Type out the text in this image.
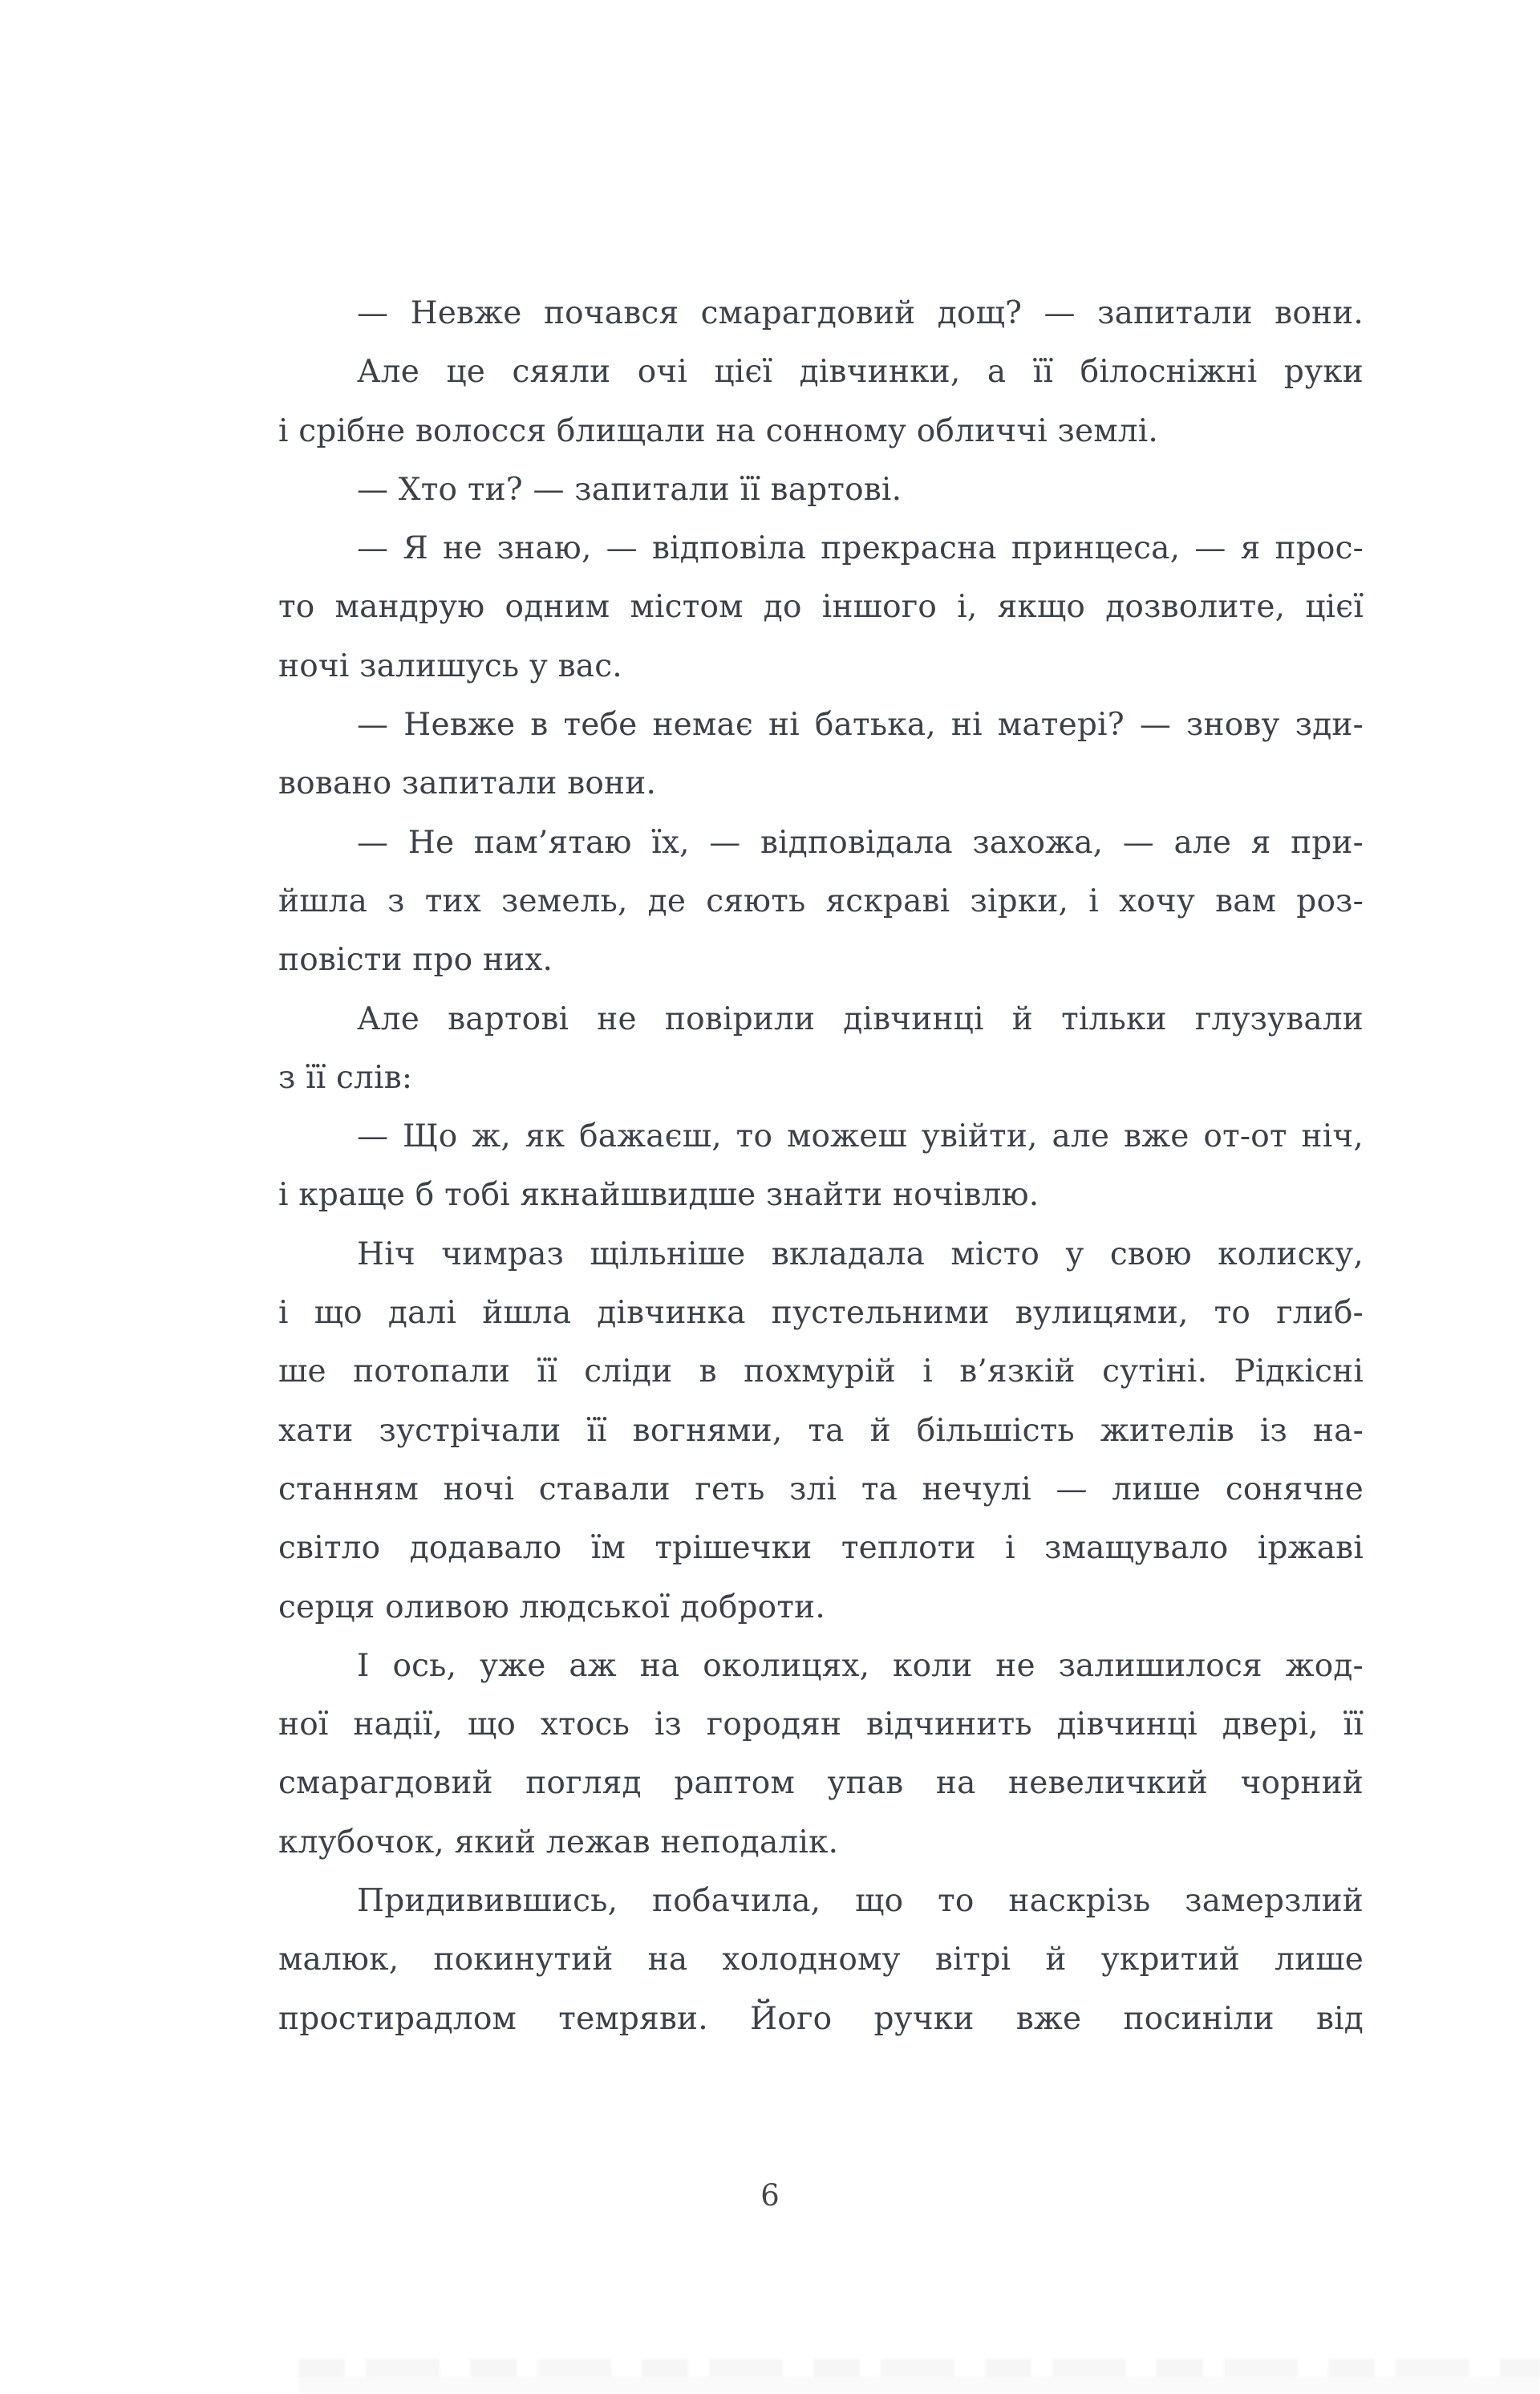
— Невже почався смарагдовий дощ? — запитали вони.
Але це сяяли очі цієї дівчинки, а її білосніжні руки
і срібне волосся блищали на сонному обличчі землі.
— Хто ти? — запитали її вартові.
— Я не знаю, — відповіла прекрасна принцеса, — я прос-
то мандрую одним містом до іншого і, якщо дозволите, цієї
ночі залишусь у вас.
— Невже в тебе немає ні батька, ні матері? — знову зди-
вовано запитали вони.
— Не пам’ятаю їх, — відповідала захожа, — але я при-
йшла з тих земель, де сяють яскраві зірки, і хочу вам роз-
повісти про них.
Але вартові не повірили дівчинці й тільки глузували
з її слів:
— Що ж, як бажаєш, то можеш увійти, але вже от-от ніч,
і краще б тобі якнайшвидше знайти ночівлю.
Ніч чимраз щільніше вкладала місто у свою колиску,
і що далі йшла дівчинка пустельними вулицями, то глиб-
ше потопали її сліди в похмурій і в’язкій сутіні. Рідкісні
хати зустрічали її вогнями, та й більшість жителів із на-
станням ночі ставали геть злі та нечулі — лише сонячне
світло додавало їм трішечки теплоти і змащувало іржаві
серця оливою людської доброти.
І ось, уже аж на околицях, коли не залишилося жод-
ної надії, що хтось із городян відчинить дівчинці двері, її
смарагдовий погляд раптом упав на невеличкий чорний
клубочок, який лежав неподалік.
Придивившись, побачила, що то наскрізь замерзлий
малюк, покинутий на холодному вітрі й укритий лише
простирадлом темряви. Його ручки вже посиніли від
6
